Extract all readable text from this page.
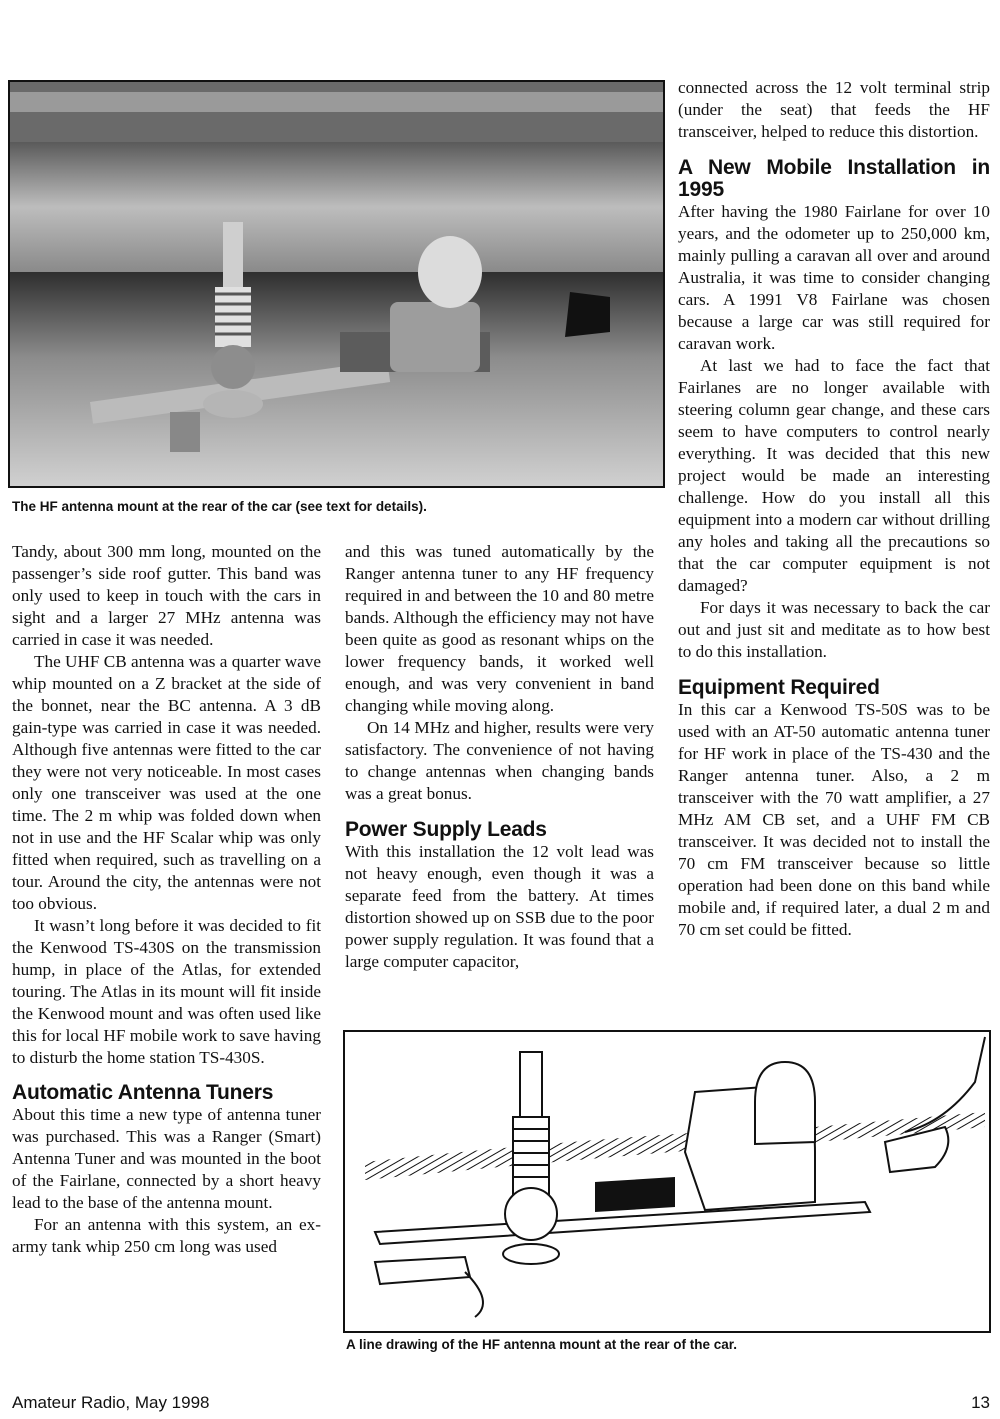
The HF antenna mount at the rear of the car (see text for details).

Tandy, about 300 mm long, mounted on the passenger’s side roof gutter. This band was only used to keep in touch with the cars in sight and a larger 27 MHz antenna was carried in case it was needed.

The UHF CB antenna was a quarter wave whip mounted on a Z bracket at the side of the bonnet, near the BC antenna. A 3 dB gain-type was carried in case it was needed. Although five antennas were fitted to the car they were not very noticeable. In most cases only one transceiver was used at the one time. The 2 m whip was folded down when not in use and the HF Scalar whip was only fitted when required, such as travelling on a tour. Around the city, the antennas were not too obvious.

It wasn’t long before it was decided to fit the Kenwood TS-430S on the transmission hump, in place of the Atlas, for extended touring. The Atlas in its mount will fit inside the Kenwood mount and was often used like this for local HF mobile work to save having to disturb the home station TS-430S.

Automatic Antenna Tuners

About this time a new type of antenna tuner was purchased. This was a Ranger (Smart) Antenna Tuner and was mounted in the boot of the Fairlane, connected by a short heavy lead to the base of the antenna mount.

For an antenna with this system, an ex-army tank whip 250 cm long was used

and this was tuned automatically by the Ranger antenna tuner to any HF frequency required in and between the 10 and 80 metre bands. Although the efficiency may not have been quite as good as resonant whips on the lower frequency bands, it worked well enough, and was very convenient in band changing while moving along.

On 14 MHz and higher, results were very satisfactory. The convenience of not having to change antennas when changing bands was a great bonus.

Power Supply Leads

With this installation the 12 volt lead was not heavy enough, even though it was a separate feed from the battery. At times distortion showed up on SSB due to the poor power supply regulation. It was found that a large computer capacitor,

connected across the 12 volt terminal strip (under the seat) that feeds the HF transceiver, helped to reduce this distortion.

A New Mobile Installation in 1995

After having the 1980 Fairlane for over 10 years, and the odometer up to 250,000 km, mainly pulling a caravan all over and around Australia, it was time to consider changing cars. A 1991 V8 Fairlane was chosen because a large car was still required for caravan work.

At last we had to face the fact that Fairlanes are no longer available with steering column gear change, and these cars seem to have computers to control nearly everything. It was decided that this new project would be made an interesting challenge. How do you install all this equipment into a modern car without drilling any holes and taking all the precautions so that the car computer equipment is not damaged?

For days it was necessary to back the car out and just sit and meditate as to how best to do this installation.

Equipment Required

In this car a Kenwood TS-50S was to be used with an AT-50 automatic antenna tuner for HF work in place of the TS-430 and the Ranger antenna tuner. Also, a 2 m transceiver with the 70 watt amplifier, a 27 MHz AM CB set, and a UHF FM CB transceiver. It was decided not to install the 70 cm FM transceiver because so little operation had been done on this band while mobile and, if required later, a dual 2 m and 70 cm set could be fitted.

A line drawing of the HF antenna mount at the rear of the car.
Amateur Radio, May 1998	13
